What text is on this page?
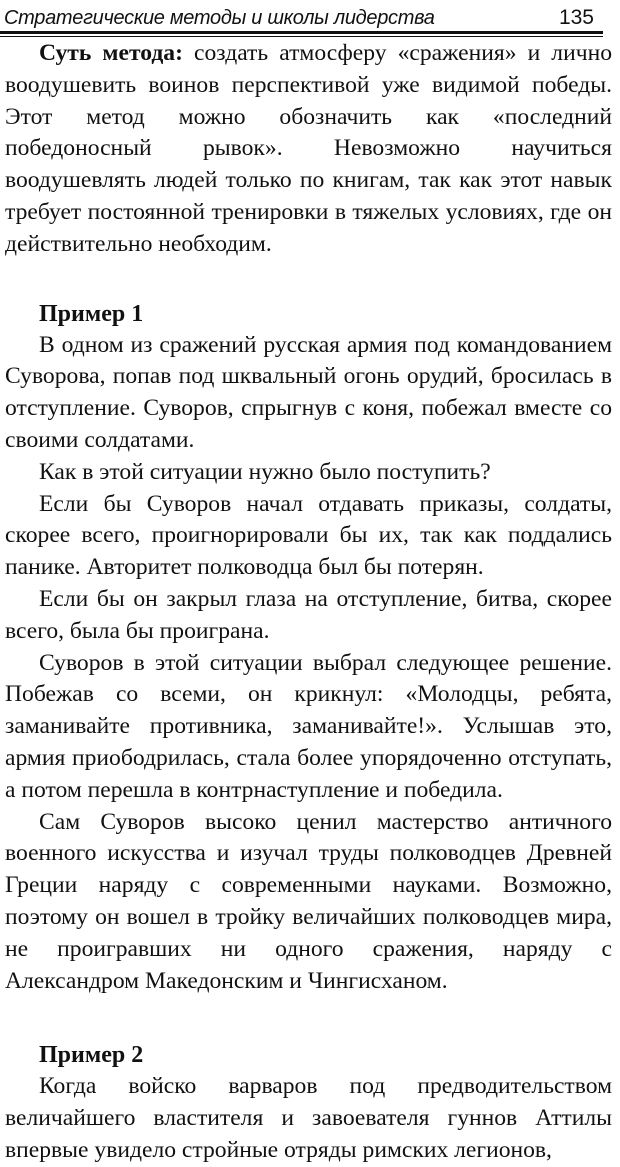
Стратегические методы и школы лидерства	135

Суть метода: создать атмосферу «сражения» и лично воодушевить воинов перспективой уже видимой победы. Этот метод можно обозначить как «последний победоносный рывок». Невозможно научиться воодушевлять людей только по книгам, так как этот навык требует постоянной тренировки в тяжелых условиях, где он действительно необходим.

Пример 1

В одном из сражений русская армия под командованием Суворова, попав под шквальный огонь орудий, бросилась в отступление. Суворов, спрыгнув с коня, побежал вместе со своими солдатами.

Как в этой ситуации нужно было поступить?

Если бы Суворов начал отдавать приказы, солдаты, скорее всего, проигнорировали бы их, так как поддались панике. Авторитет полководца был бы потерян.

Если бы он закрыл глаза на отступление, битва, скорее всего, была бы проиграна.

Суворов в этой ситуации выбрал следующее решение. Побежав со всеми, он крикнул: «Молодцы, ребята, заманивайте противника, заманивайте!». Услышав это, армия приободрилась, стала более упорядоченно отступать, а потом перешла в контрнаступление и победила.

Сам Суворов высоко ценил мастерство античного военного искусства и изучал труды полководцев Древней Греции наряду с современными науками. Возможно, поэтому он вошел в тройку величайших полководцев мира, не проигравших ни одного сражения, наряду с Александром Македонским и Чингисханом.

Пример 2

Когда войско варваров под предводительством величайшего властителя и завоевателя гуннов Аттилы впервые увидело стройные отряды римских легионов,
